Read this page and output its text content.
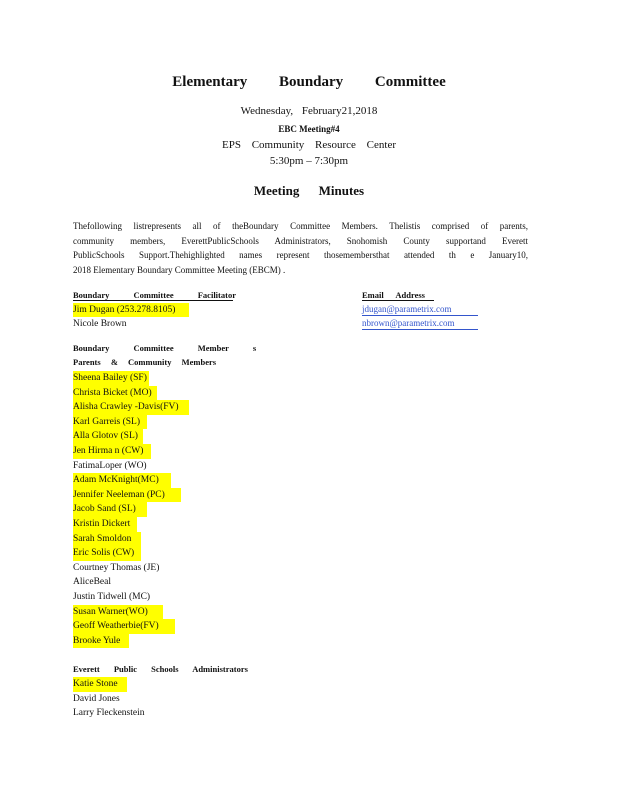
Elementary Boundary Committee
Wednesday, February21,2018
EBC Meeting#4
EPS Community Resource Center
5:30pm – 7:30pm
Meeting Minutes
Thefollowing listrepresents all of theBoundary Committee Members. Thelistis comprised of parents,
community members, EverettPublicSchools Administrators, Snohomish County supportand Everett
PublicSchools Support.Thehighlighted names represent thosemembersthat attended th e January10,
2018 Elementary Boundary Committee Meeting (EBCM) .
Boundary Committee Facilitator	Email Address
Jim Dugan (253.278.8105)	jdugan@parametrix.com
Nicole Brown	nbrown@parametrix.com
Boundary Committee Member s
Parents & Community Members
Sheena Bailey (SF)
Christa Bicket (MO)
Alisha Crawley -Davis(FV)
Karl Garreis (SL)
Alla Glotov (SL)
Jen Hirma n (CW)
FatimaLoper (WO)
Adam McKnight(MC)
Jennifer Neeleman (PC)
Jacob Sand (SL)
Kristin Dickert
Sarah Smoldon
Eric Solis (CW)
Courtney Thomas (JE)
AliceBeal
Justin Tidwell (MC)
Susan Warner(WO)
Geoff Weatherbie(FV)
Brooke Yule
Everett Public Schools Administrators
Katie Stone
David Jones
Larry Fleckenstein
